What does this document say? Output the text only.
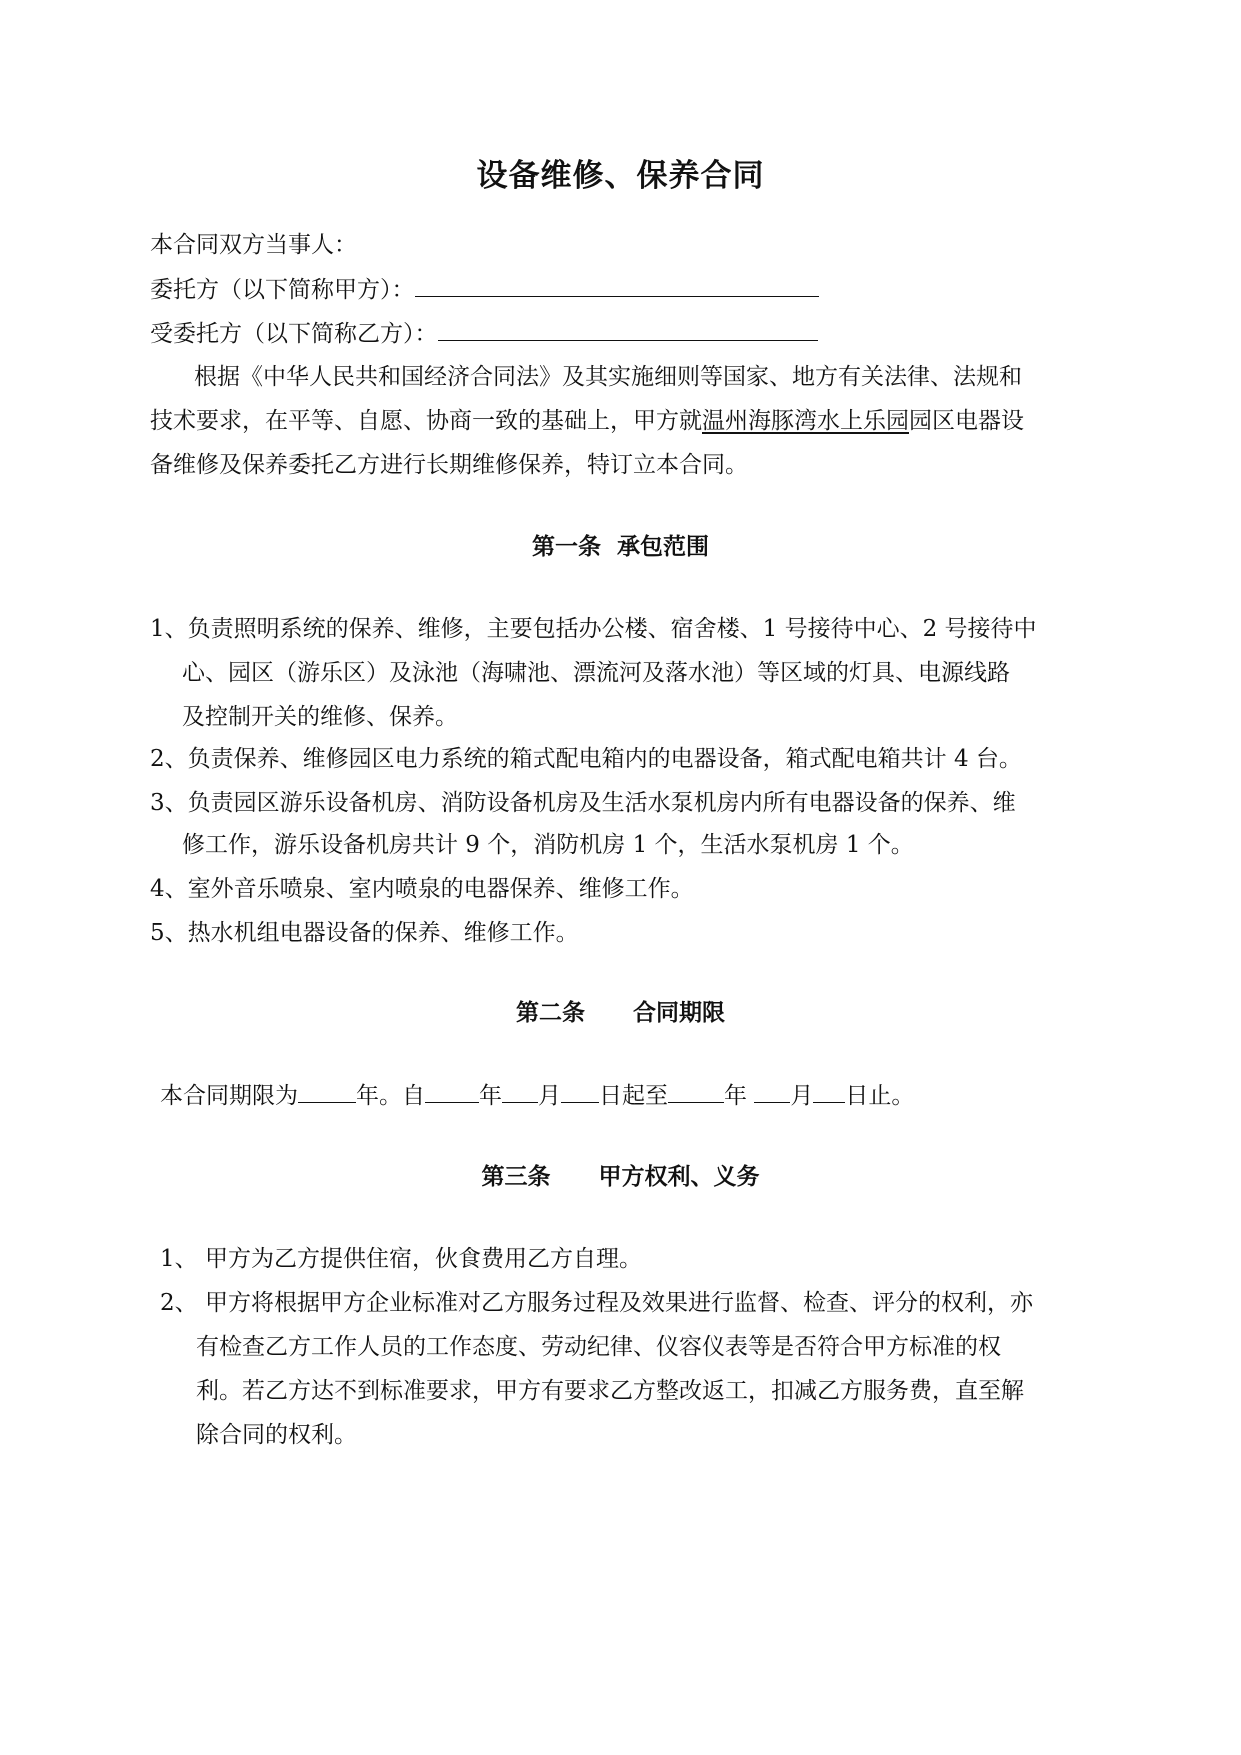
设备维修、保养合同
本合同双方当事人：
委托方（以下简称甲方）：
受委托方（以下简称乙方）：
根据《中华人民共和国经济合同法》及其实施细则等国家、地方有关法律、法规和
技术要求，在平等、自愿、协商一致的基础上，甲方就温州海豚湾水上乐园园区电器设
备维修及保养委托乙方进行长期维修保养，特订立本合同。
第一条  承包范围
1、负责照明系统的保养、维修，主要包括办公楼、宿舍楼、1 号接待中心、2 号接待中
心、园区（游乐区）及泳池（海啸池、漂流河及落水池）等区域的灯具、电源线路
及控制开关的维修、保养。
2、负责保养、维修园区电力系统的箱式配电箱内的电器设备，箱式配电箱共计 4 台。
3、负责园区游乐设备机房、消防设备机房及生活水泵机房内所有电器设备的保养、维
修工作，游乐设备机房共计 9 个，消防机房 1 个，生活水泵机房 1 个。
4、室外音乐喷泉、室内喷泉的电器保养、维修工作。
5、热水机组电器设备的保养、维修工作。
第二条      合同期限
本合同期限为	年。自 年 月 日起至 年 月 日止。
第三条      甲方权利、义务
1、 甲方为乙方提供住宿，伙食费用乙方自理。
2、 甲方将根据甲方企业标准对乙方服务过程及效果进行监督、检查、评分的权利，亦
有检查乙方工作人员的工作态度、劳动纪律、仪容仪表等是否符合甲方标准的权
利。若乙方达不到标准要求，甲方有要求乙方整改返工，扣减乙方服务费，直至解
除合同的权利。
